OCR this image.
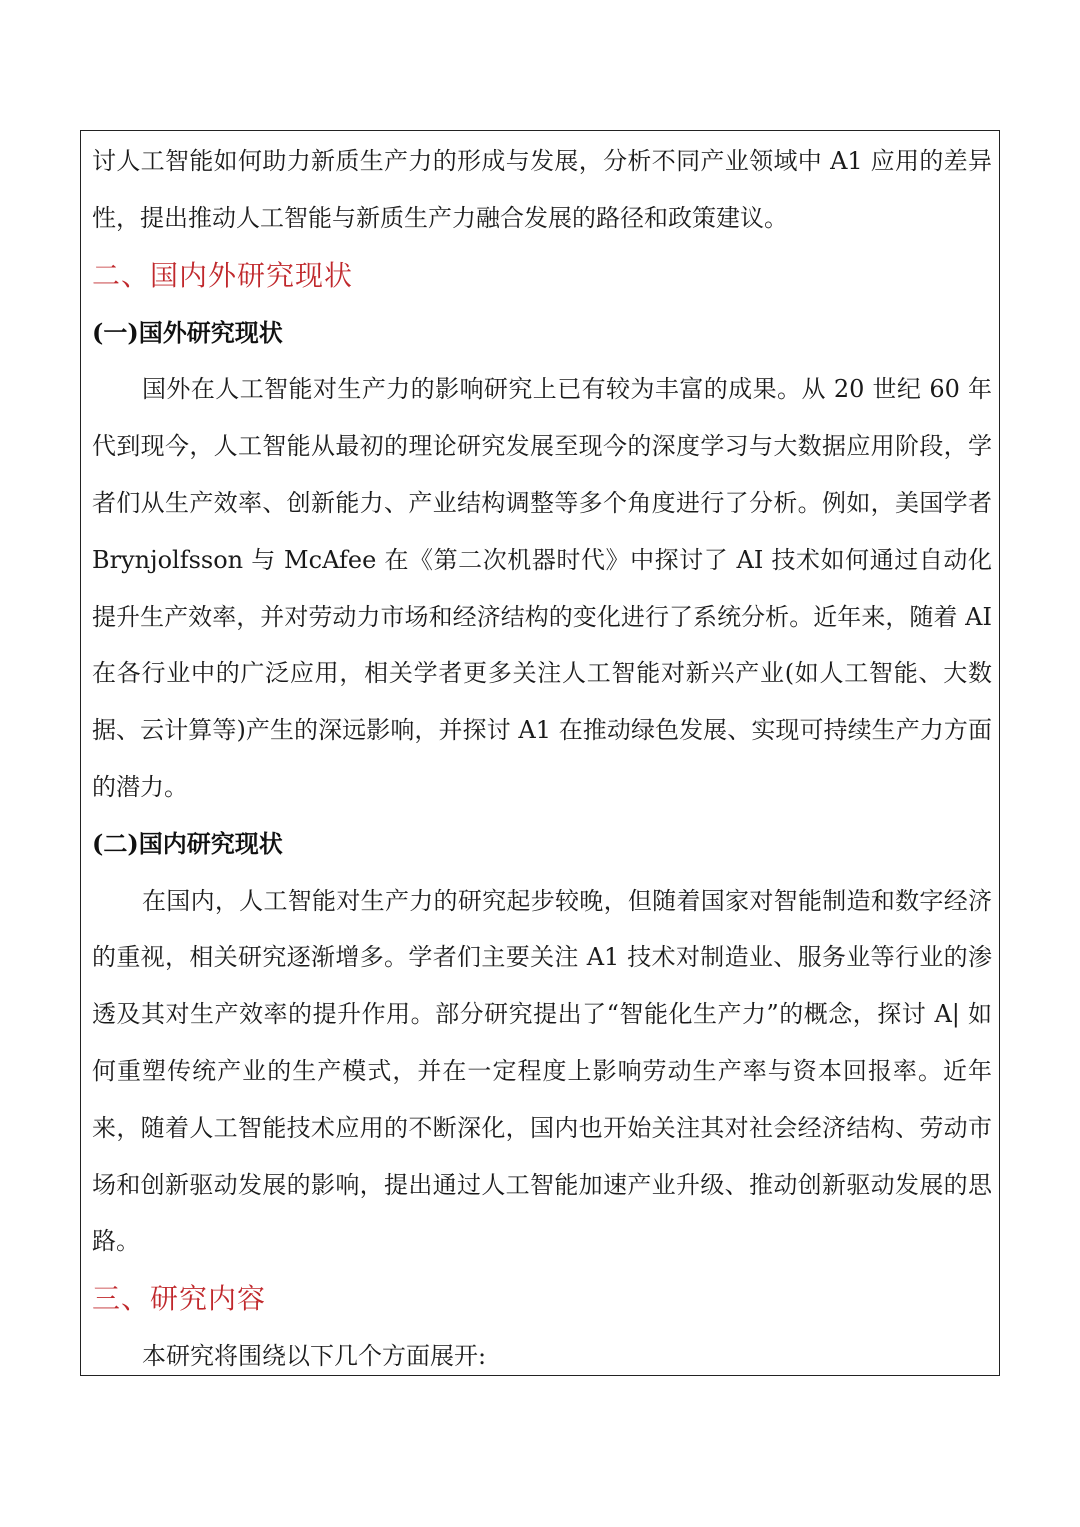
讨人工智能如何助力新质生产力的形成与发展，分析不同产业领域中 A1 应用的差异性，提出推动人工智能与新质生产力融合发展的路径和政策建议。

二、国内外研究现状
(一)国外研究现状

国外在人工智能对生产力的影响研究上已有较为丰富的成果。从 20 世纪 60 年代到现今，人工智能从最初的理论研究发展至现今的深度学习与大数据应用阶段，学者们从生产效率、创新能力、产业结构调整等多个角度进行了分析。例如，美国学者 Brynjolfsson 与 McAfee 在《第二次机器时代》中探讨了 AI 技术如何通过自动化提升生产效率，并对劳动力市场和经济结构的变化进行了系统分析。近年来，随着 AI 在各行业中的广泛应用，相关学者更多关注人工智能对新兴产业(如人工智能、大数据、云计算等)产生的深远影响，并探讨 A1 在推动绿色发展、实现可持续生产力方面的潜力。

(二)国内研究现状

在国内，人工智能对生产力的研究起步较晚，但随着国家对智能制造和数字经济的重视，相关研究逐渐增多。学者们主要关注 A1 技术对制造业、服务业等行业的渗透及其对生产效率的提升作用。部分研究提出了“智能化生产力”的概念，探讨 A| 如何重塑传统产业的生产模式，并在一定程度上影响劳动生产率与资本回报率。近年来，随着人工智能技术应用的不断深化，国内也开始关注其对社会经济结构、劳动市场和创新驱动发展的影响，提出通过人工智能加速产业升级、推动创新驱动发展的思路。

三、研究内容

本研究将围绕以下几个方面展开:
